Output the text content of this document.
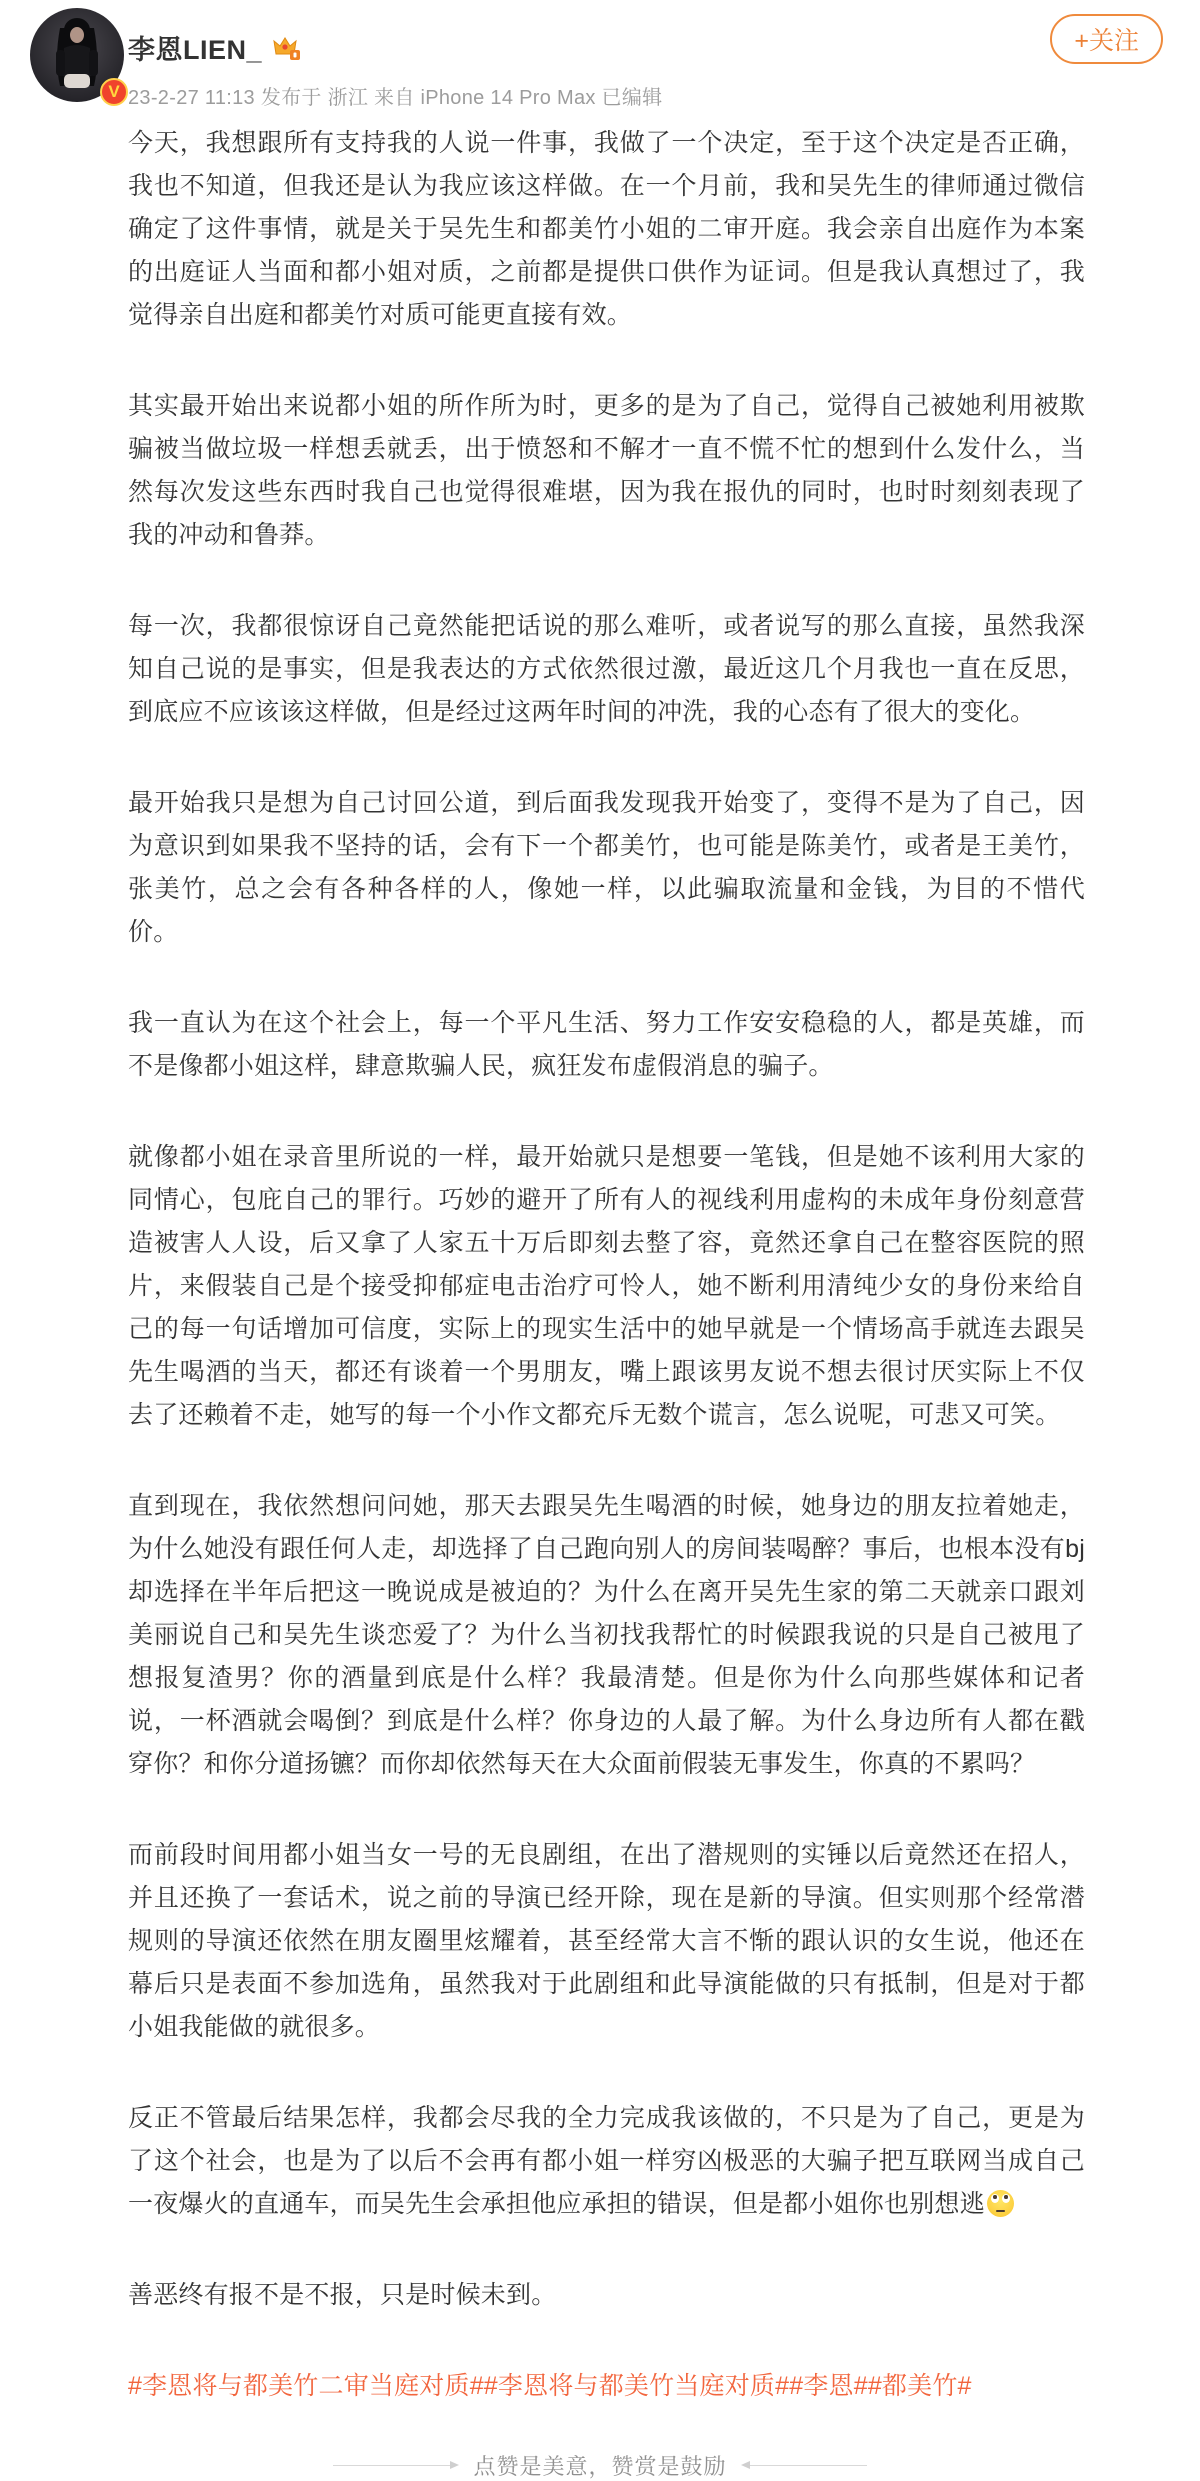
V
李恩LIEN_
23-2-27 11:13 发布于 浙江 来自 iPhone 14 Pro Max 已编辑
+关注

今天，我想跟所有支持我的人说一件事，我做了一个决定，至于这个决定是否正确，我也不知道，但我还是认为我应该这样做。在一个月前，我和吴先生的律师通过微信确定了这件事情，就是关于吴先生和都美竹小姐的二审开庭。我会亲自出庭作为本案的出庭证人当面和都小姐对质，之前都是提供口供作为证词。但是我认真想过了，我觉得亲自出庭和都美竹对质可能更直接有效。

其实最开始出来说都小姐的所作所为时，更多的是为了自己，觉得自己被她利用被欺骗被当做垃圾一样想丢就丢，出于愤怒和不解才一直不慌不忙的想到什么发什么，当然每次发这些东西时我自己也觉得很难堪，因为我在报仇的同时，也时时刻刻表现了我的冲动和鲁莽。

每一次，我都很惊讶自己竟然能把话说的那么难听，或者说写的那么直接，虽然我深知自己说的是事实，但是我表达的方式依然很过激，最近这几个月我也一直在反思，到底应不应该该这样做，但是经过这两年时间的冲洗，我的心态有了很大的变化。

最开始我只是想为自己讨回公道，到后面我发现我开始变了，变得不是为了自己，因为意识到如果我不坚持的话，会有下一个都美竹，也可能是陈美竹，或者是王美竹，张美竹，总之会有各种各样的人，像她一样，以此骗取流量和金钱，为目的不惜代价。

我一直认为在这个社会上，每一个平凡生活、努力工作安安稳稳的人，都是英雄，而不是像都小姐这样，肆意欺骗人民，疯狂发布虚假消息的骗子。

就像都小姐在录音里所说的一样，最开始就只是想要一笔钱，但是她不该利用大家的同情心，包庇自己的罪行。巧妙的避开了所有人的视线利用虚构的未成年身份刻意营造被害人人设，后又拿了人家五十万后即刻去整了容，竟然还拿自己在整容医院的照片，来假装自己是个接受抑郁症电击治疗可怜人，她不断利用清纯少女的身份来给自己的每一句话增加可信度，实际上的现实生活中的她早就是一个情场高手就连去跟吴先生喝酒的当天，都还有谈着一个男朋友，嘴上跟该男友说不想去很讨厌实际上不仅去了还赖着不走，她写的每一个小作文都充斥无数个谎言，怎么说呢，可悲又可笑。

直到现在，我依然想问问她，那天去跟吴先生喝酒的时候，她身边的朋友拉着她走，为什么她没有跟任何人走，却选择了自己跑向别人的房间装喝醉？事后，也根本没有bj却选择在半年后把这一晚说成是被迫的？为什么在离开吴先生家的第二天就亲口跟刘美丽说自己和吴先生谈恋爱了？为什么当初找我帮忙的时候跟我说的只是自己被甩了想报复渣男？你的酒量到底是什么样？我最清楚。但是你为什么向那些媒体和记者说，一杯酒就会喝倒？到底是什么样？你身边的人最了解。为什么身边所有人都在戳穿你？和你分道扬镳？而你却依然每天在大众面前假装无事发生，你真的不累吗？

而前段时间用都小姐当女一号的无良剧组，在出了潜规则的实锤以后竟然还在招人，并且还换了一套话术，说之前的导演已经开除，现在是新的导演。但实则那个经常潜规则的导演还依然在朋友圈里炫耀着，甚至经常大言不惭的跟认识的女生说，他还在幕后只是表面不参加选角，虽然我对于此剧组和此导演能做的只有抵制，但是对于都小姐我能做的就很多。

反正不管最后结果怎样，我都会尽我的全力完成我该做的，不只是为了自己，更是为了这个社会，也是为了以后不会再有都小姐一样穷凶极恶的大骗子把互联网当成自己一夜爆火的直通车，而吴先生会承担他应承担的错误，但是都小姐你也别想逃

善恶终有报不是不报，只是时候未到。

#李恩将与都美竹二审当庭对质##李恩将与都美竹当庭对质##李恩##都美竹#

点赞是美意，赞赏是鼓励
